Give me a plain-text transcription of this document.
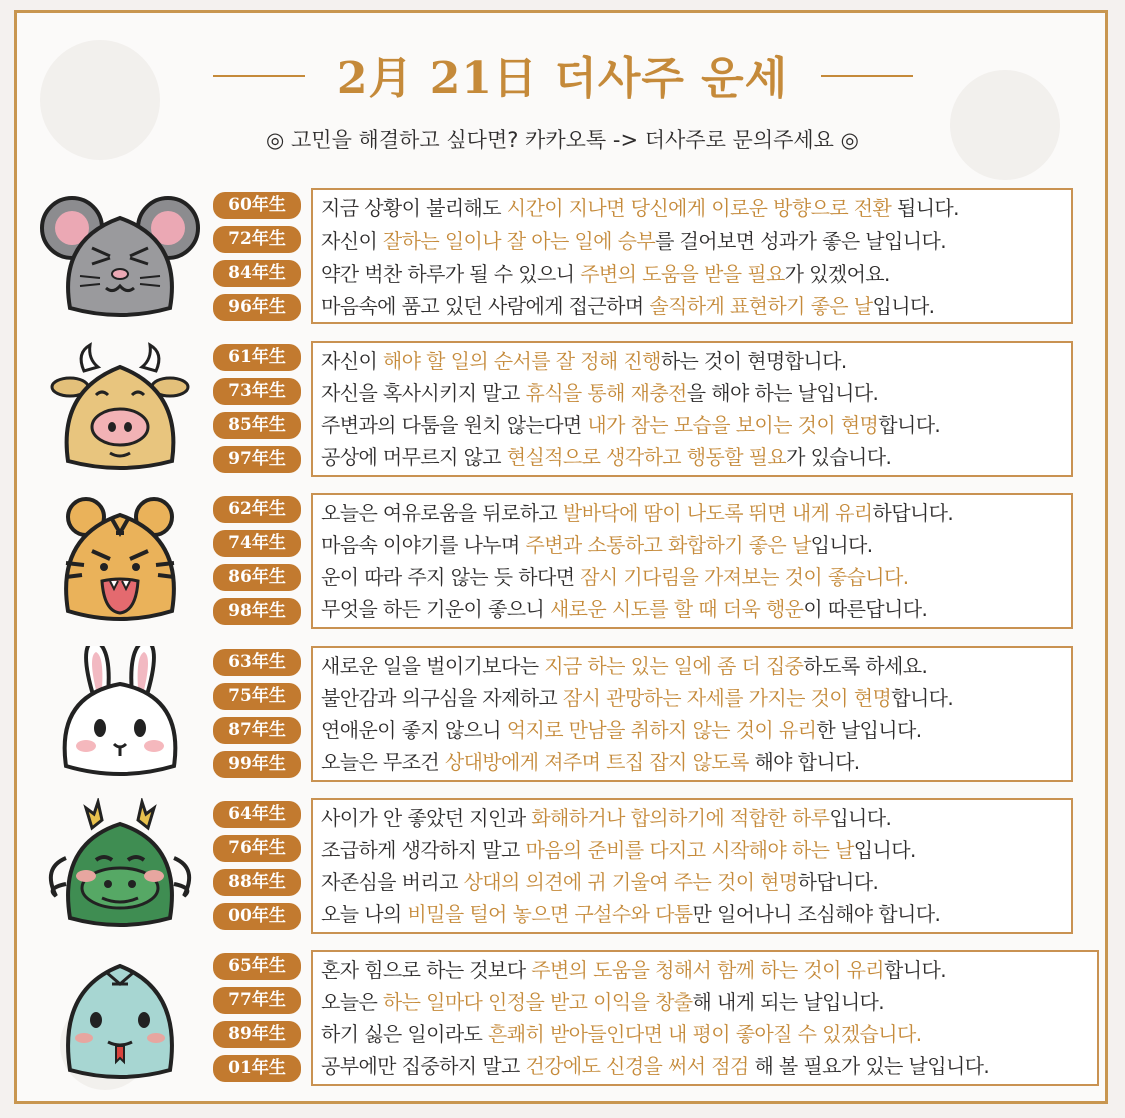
2月 21日 더사주 운세
◎ 고민을 해결하고 싶다면? 카카오톡 -> 더사주로 문의주세요 ◎
60年生
72年生
84年生
96年生
지금 상황이 불리해도 시간이 지나면 당신에게 이로운 방향으로 전환 됩니다.
자신이 잘하는 일이나 잘 아는 일에 승부를 걸어보면 성과가 좋은 날입니다.
약간 벅찬 하루가 될 수 있으니 주변의 도움을 받을 필요가 있겠어요.
마음속에 품고 있던 사람에게 접근하며 솔직하게 표현하기 좋은 날입니다.
61年生
73年生
85年生
97年生
자신이 해야 할 일의 순서를 잘 정해 진행하는 것이 현명합니다.
자신을 혹사시키지 말고 휴식을 통해 재충전을 해야 하는 날입니다.
주변과의 다툼을 원치 않는다면 내가 참는 모습을 보이는 것이 현명합니다.
공상에 머무르지 않고 현실적으로 생각하고 행동할 필요가 있습니다.
62年生
74年生
86年生
98年生
오늘은 여유로움을 뒤로하고 발바닥에 땀이 나도록 뛰면 내게 유리하답니다.
마음속 이야기를 나누며 주변과 소통하고 화합하기 좋은 날입니다.
운이 따라 주지 않는 듯 하다면 잠시 기다림을 가져보는 것이 좋습니다.
무엇을 하든 기운이 좋으니 새로운 시도를 할 때 더욱 행운이 따른답니다.
63年生
75年生
87年生
99年生
새로운 일을 벌이기보다는 지금 하는 있는 일에 좀 더 집중하도록 하세요.
불안감과 의구심을 자제하고 잠시 관망하는 자세를 가지는 것이 현명합니다.
연애운이 좋지 않으니 억지로 만남을 취하지 않는 것이 유리한 날입니다.
오늘은 무조건 상대방에게 져주며 트집 잡지 않도록 해야 합니다.
64年生
76年生
88年生
00年生
사이가 안 좋았던 지인과 화해하거나 합의하기에 적합한 하루입니다.
조급하게 생각하지 말고 마음의 준비를 다지고 시작해야 하는 날입니다.
자존심을 버리고 상대의 의견에 귀 기울여 주는 것이 현명하답니다.
오늘 나의 비밀을 털어 놓으면 구설수와 다툼만 일어나니 조심해야 합니다.
65年生
77年生
89年生
01年生
혼자 힘으로 하는 것보다 주변의 도움을 청해서 함께 하는 것이 유리합니다.
오늘은 하는 일마다 인정을 받고 이익을 창출해 내게 되는 날입니다.
하기 싫은 일이라도 흔쾌히 받아들인다면 내 평이 좋아질 수 있겠습니다.
공부에만 집중하지 말고 건강에도 신경을 써서 점검 해 볼 필요가 있는 날입니다.
